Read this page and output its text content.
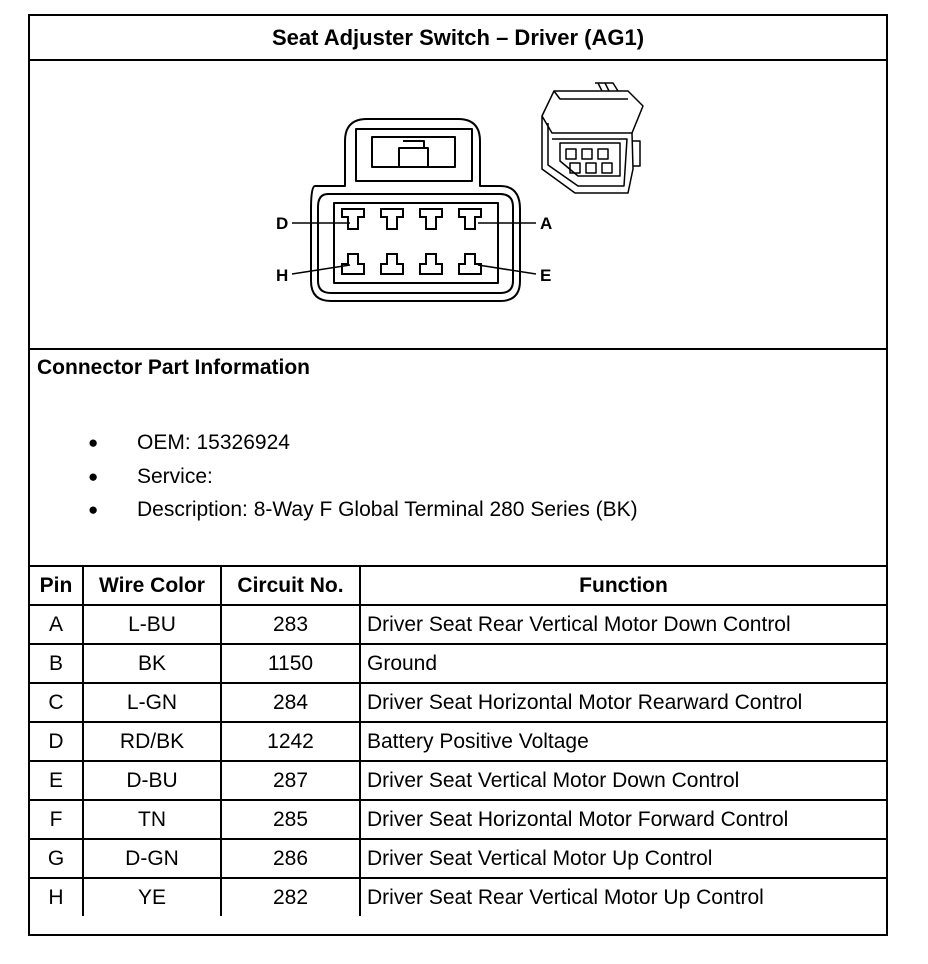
Seat Adjuster Switch – Driver (AG1)
D	A
H	E
Connector Part Information
● OEM: 15326924
● Service:
● Description: 8-Way F Global Terminal 280 Series (BK)
Pin	Wire Color	Circuit No.	Function
A	L-BU	283	Driver Seat Rear Vertical Motor Down Control
B	BK	1150	Ground
C	L-GN	284	Driver Seat Horizontal Motor Rearward Control
D	RD/BK	1242	Battery Positive Voltage
E	D-BU	287	Driver Seat Vertical Motor Down Control
F	TN	285	Driver Seat Horizontal Motor Forward Control
G	D-GN	286	Driver Seat Vertical Motor Up Control
H	YE	282	Driver Seat Rear Vertical Motor Up Control
